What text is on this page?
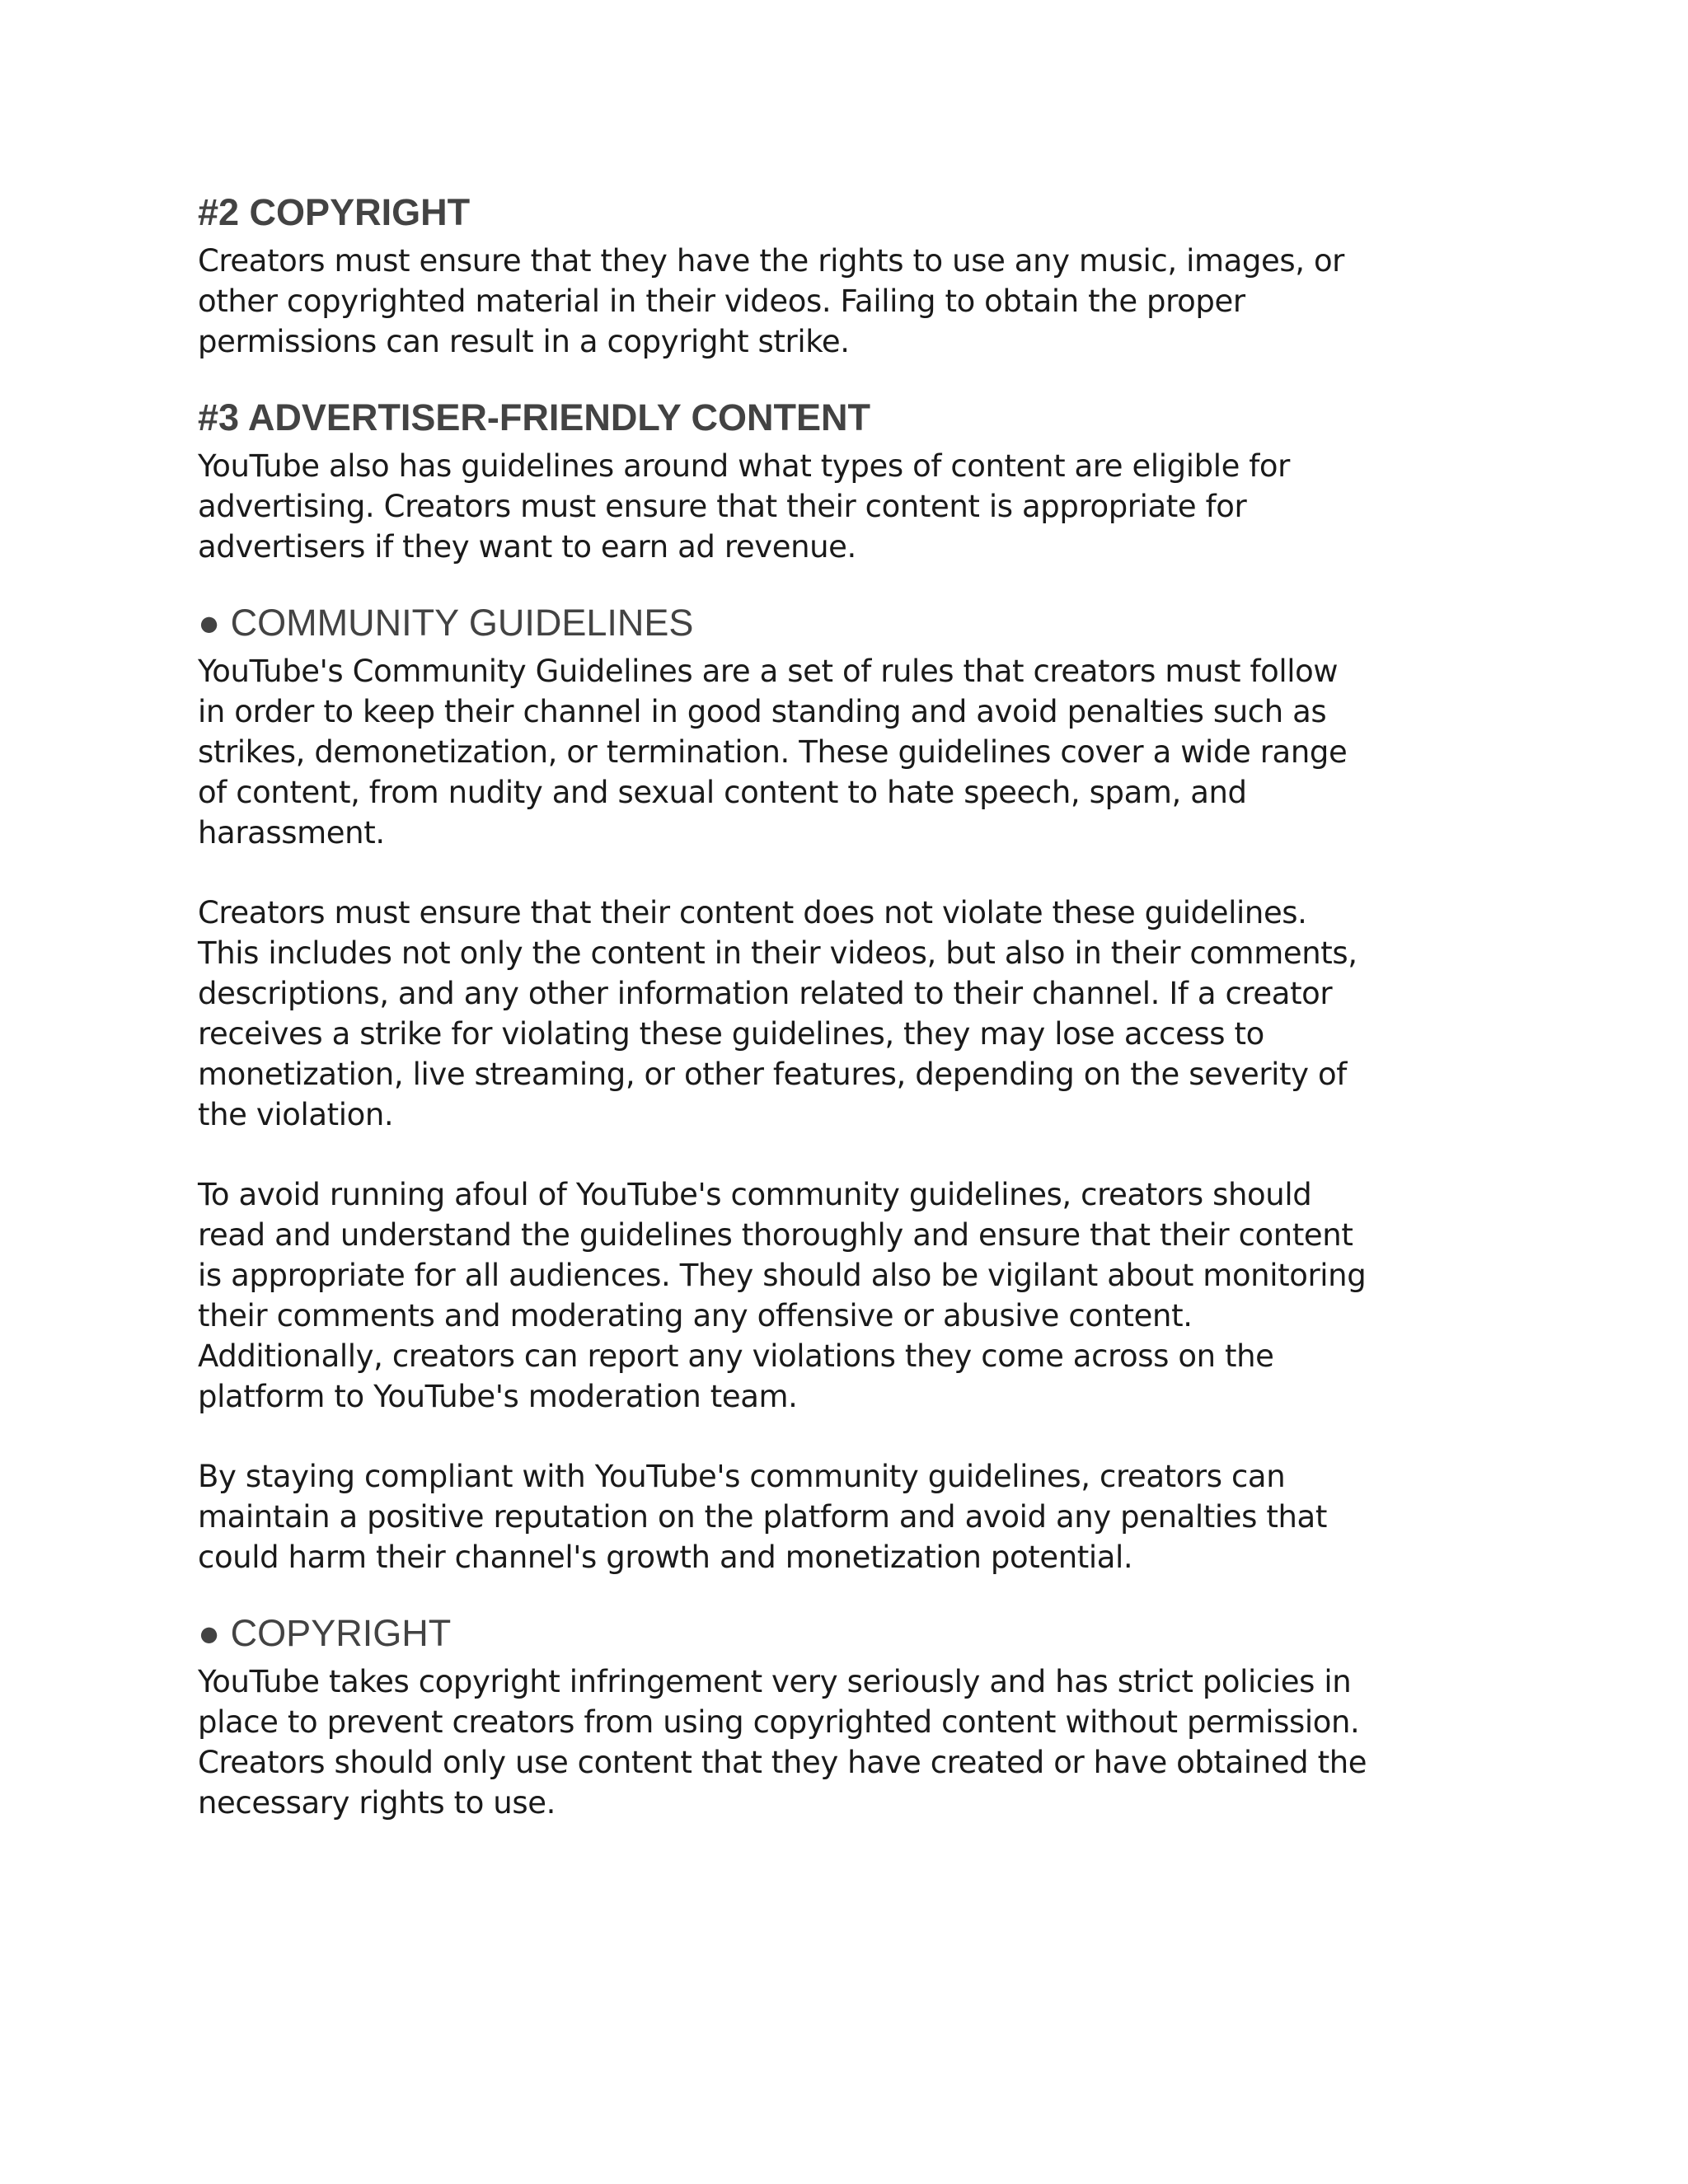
#2 COPYRIGHT

Creators must ensure that they have the rights to use any music, images, or
other copyrighted material in their videos. Failing to obtain the proper
permissions can result in a copyright strike.

#3 ADVERTISER-FRIENDLY CONTENT

YouTube also has guidelines around what types of content are eligible for
advertising. Creators must ensure that their content is appropriate for
advertisers if they want to earn ad revenue.

● COMMUNITY GUIDELINES

YouTube's Community Guidelines are a set of rules that creators must follow
in order to keep their channel in good standing and avoid penalties such as
strikes, demonetization, or termination. These guidelines cover a wide range
of content, from nudity and sexual content to hate speech, spam, and
harassment.

Creators must ensure that their content does not violate these guidelines.
This includes not only the content in their videos, but also in their comments,
descriptions, and any other information related to their channel. If a creator
receives a strike for violating these guidelines, they may lose access to
monetization, live streaming, or other features, depending on the severity of
the violation.

To avoid running afoul of YouTube's community guidelines, creators should
read and understand the guidelines thoroughly and ensure that their content
is appropriate for all audiences. They should also be vigilant about monitoring
their comments and moderating any offensive or abusive content.
Additionally, creators can report any violations they come across on the
platform to YouTube's moderation team.

By staying compliant with YouTube's community guidelines, creators can
maintain a positive reputation on the platform and avoid any penalties that
could harm their channel's growth and monetization potential.

● COPYRIGHT

YouTube takes copyright infringement very seriously and has strict policies in
place to prevent creators from using copyrighted content without permission.
Creators should only use content that they have created or have obtained the
necessary rights to use.
